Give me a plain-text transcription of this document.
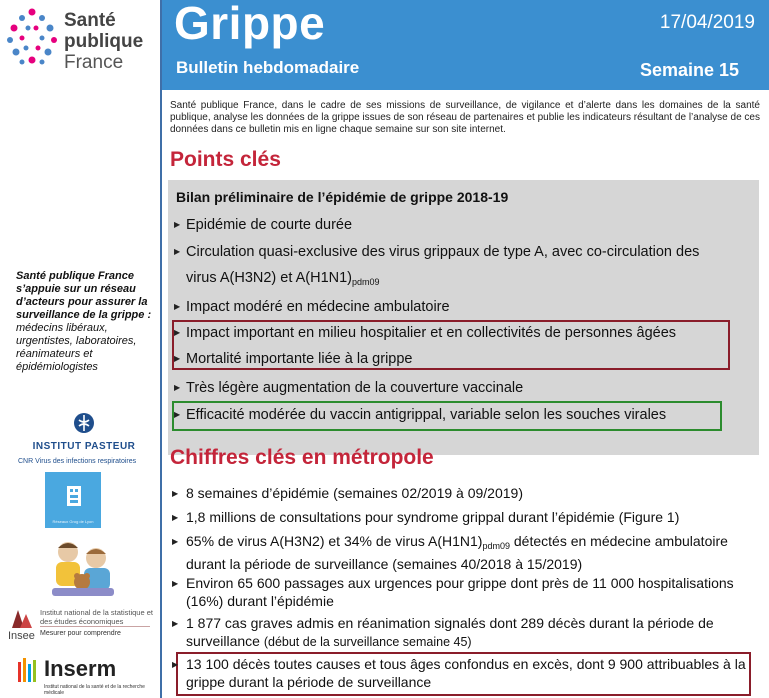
Santé
publique
France
Santé publique France s’appuie sur un réseau d’acteurs pour assurer la surveillance de la grippe :
médecins libéraux, urgentistes, laboratoires, réanimateurs et épidémiologistes
INSTITUT PASTEUR
CNR Virus des infections respiratoires
Réseaux Grog de Lyon
Institut national de la statistique et des études économiques
Insee Mesurer pour comprendre
Inserm
Institut national de la santé et de la recherche médicale
Grippe
Bulletin hebdomadaire
17/04/2019
Semaine 15
Santé publique France, dans le cadre de ses missions de surveillance, de vigilance et d’alerte dans les domaines de la santé publique, analyse les données de la grippe issues de son réseau de partenaires et publie les indicateurs résultant de l’analyse de ces données dans ce bulletin mis en ligne chaque semaine sur son site internet.
Points clés
Bilan préliminaire de l’épidémie de grippe 2018-19
▶ Epidémie de courte durée
▶ Circulation quasi-exclusive des virus grippaux de type A, avec co-circulation des
virus A(H3N2) et $A(H1N1)_{pdm09}$
▶ Impact modéré en médecine ambulatoire
▶ Impact important en milieu hospitalier et en collectivités de personnes âgées
▶ Mortalité importante liée à la grippe
▶ Très légère augmentation de la couverture vaccinale
▶ Efficacité modérée du vaccin antigrippal, variable selon les souches virales
Chiffres clés en métropole
▶ 8 semaines d’épidémie (semaines 02/2019 à 09/2019)
▶ 1,8 millions de consultations pour syndrome grippal durant l’épidémie (Figure 1)
▶ 65% de virus A(H3N2) et 34% de virus $A(H1N1)_{pdm09}$ détectés en médecine ambulatoire durant la période de surveillance (semaines 40/2018 à 15/2019)
▶ Environ 65 600 passages aux urgences pour grippe dont près de 11 000 hospitalisations (16%) durant l’épidémie
▶ 1 877 cas graves admis en réanimation signalés dont 289 décès durant la période de surveillance (début de la surveillance semaine 45)
▶ 13 100 décès toutes causes et tous âges confondus en excès, dont 9 900 attribuables à la grippe durant la période de surveillance
